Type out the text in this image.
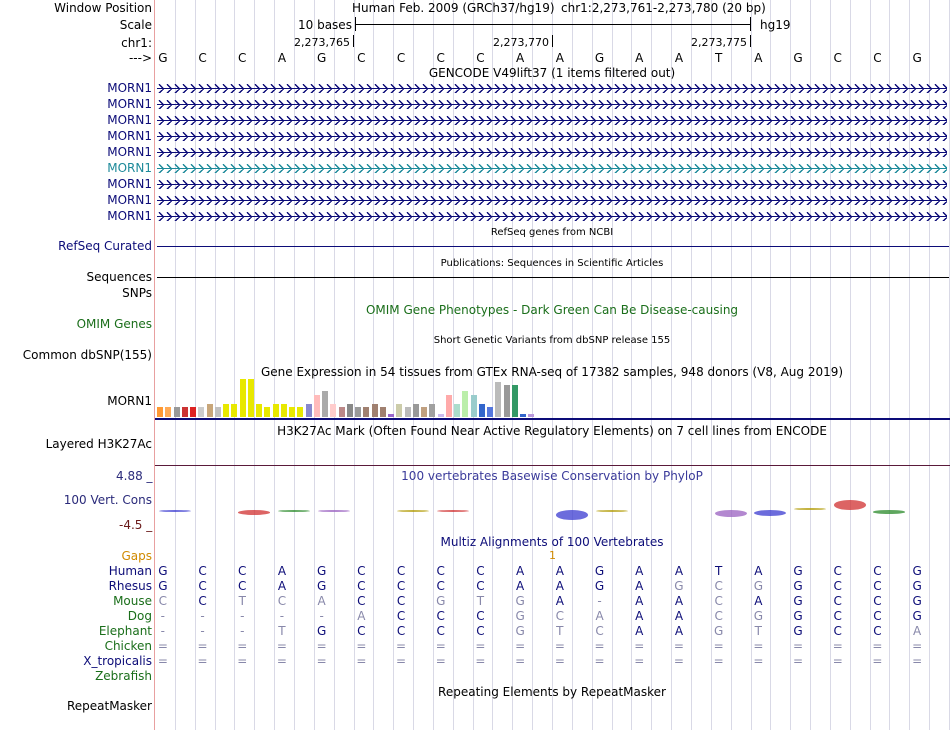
Window Position	Human Feb. 2009 (GRCh37/hg19) chr1:2,273,761-2,273,780 (20 bp)
Scale	10 bases	hg19
chr1:	2,273,765	2,273,770	2,273,775
---> G	C	C	A	G	C	C	C	C	A	A	G	A	A	T	A	G	C	C	G
GENCODE V49lift37 (1 items filtered out)
MORN1
MORN1
MORN1
MORN1
MORN1
MORN1
MORN1
MORN1
MORN1
RefSeq genes from NCBI
RefSeq Curated
Publications: Sequences in Scientific Articles
Sequences
SNPs
OMIM Gene Phenotypes - Dark Green Can Be Disease-causing
OMIM Genes
Short Genetic Variants from dbSNP release 155
Common dbSNP(155)
Gene Expression in 54 tissues from GTEx RNA-seq of 17382 samples, 948 donors (V8, Aug 2019)
MORN1
H3K27Ac Mark (Often Found Near Active Regulatory Elements) on 7 cell lines from ENCODE
Layered H3K27Ac
4.88 _	100 vertebrates Basewise Conservation by PhyloP
100 Vert. Cons
-4.5 _
Multiz Alignments of 100 Vertebrates
Gaps	1
Human G	C	C	A	G	C	C	C	C	A	A	G	A	A	T	A	G	C	C	G
Rhesus G	C	C	A	G	C	C	C	C	A	A	G	A	G	C	G	G	C	C	G
Mouse C	C	T	C	A	C	C	G	T	G	A	-	A	A	C	A	G	C	C	G
Dog -	-	-	-	-	A	C	C	C	G	C	A	A	A	C	G	G	C	C	G
Elephant -	-	-	T	G	C	C	C	C	G	T	C	A	A	G	T	G	C	C	A
Chicken = = = = = = = = = = = = = = = = = = = =
X_tropicalis = = = = = = = = = = = = = = = = = = = =
Zebrafish
Repeating Elements by RepeatMasker
RepeatMasker
